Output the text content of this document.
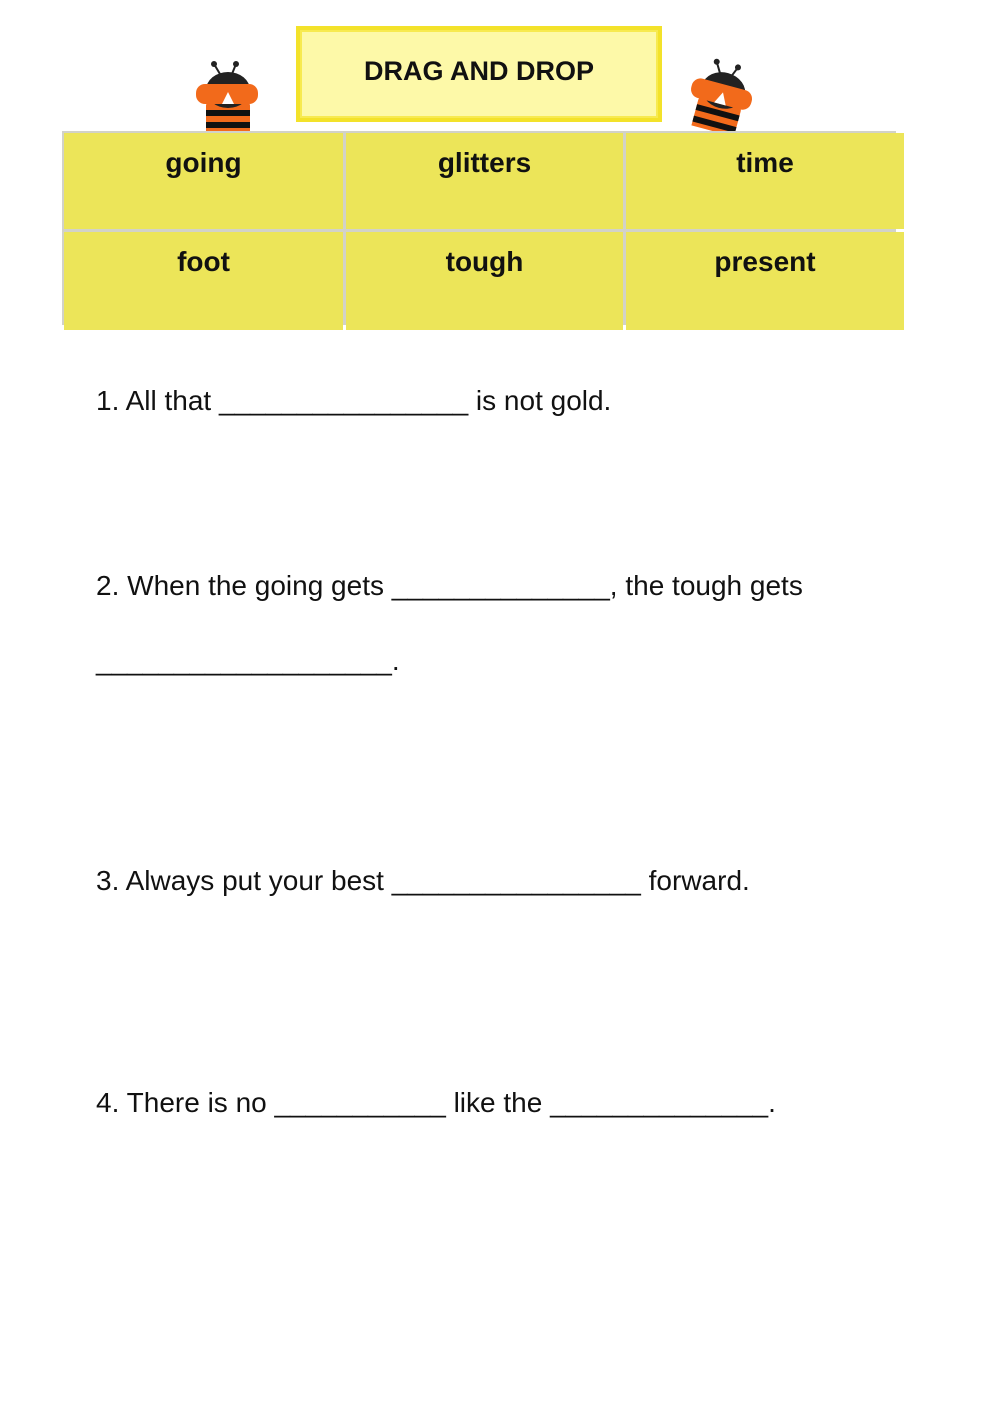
DRAG AND DROP
going	glitters	time
foot	tough	present
1. All that ________________ is not gold.
2. When the going gets ______________, the tough gets
___________________.
3. Always put your best ________________ forward.
4. There is no ___________ like the ______________.
